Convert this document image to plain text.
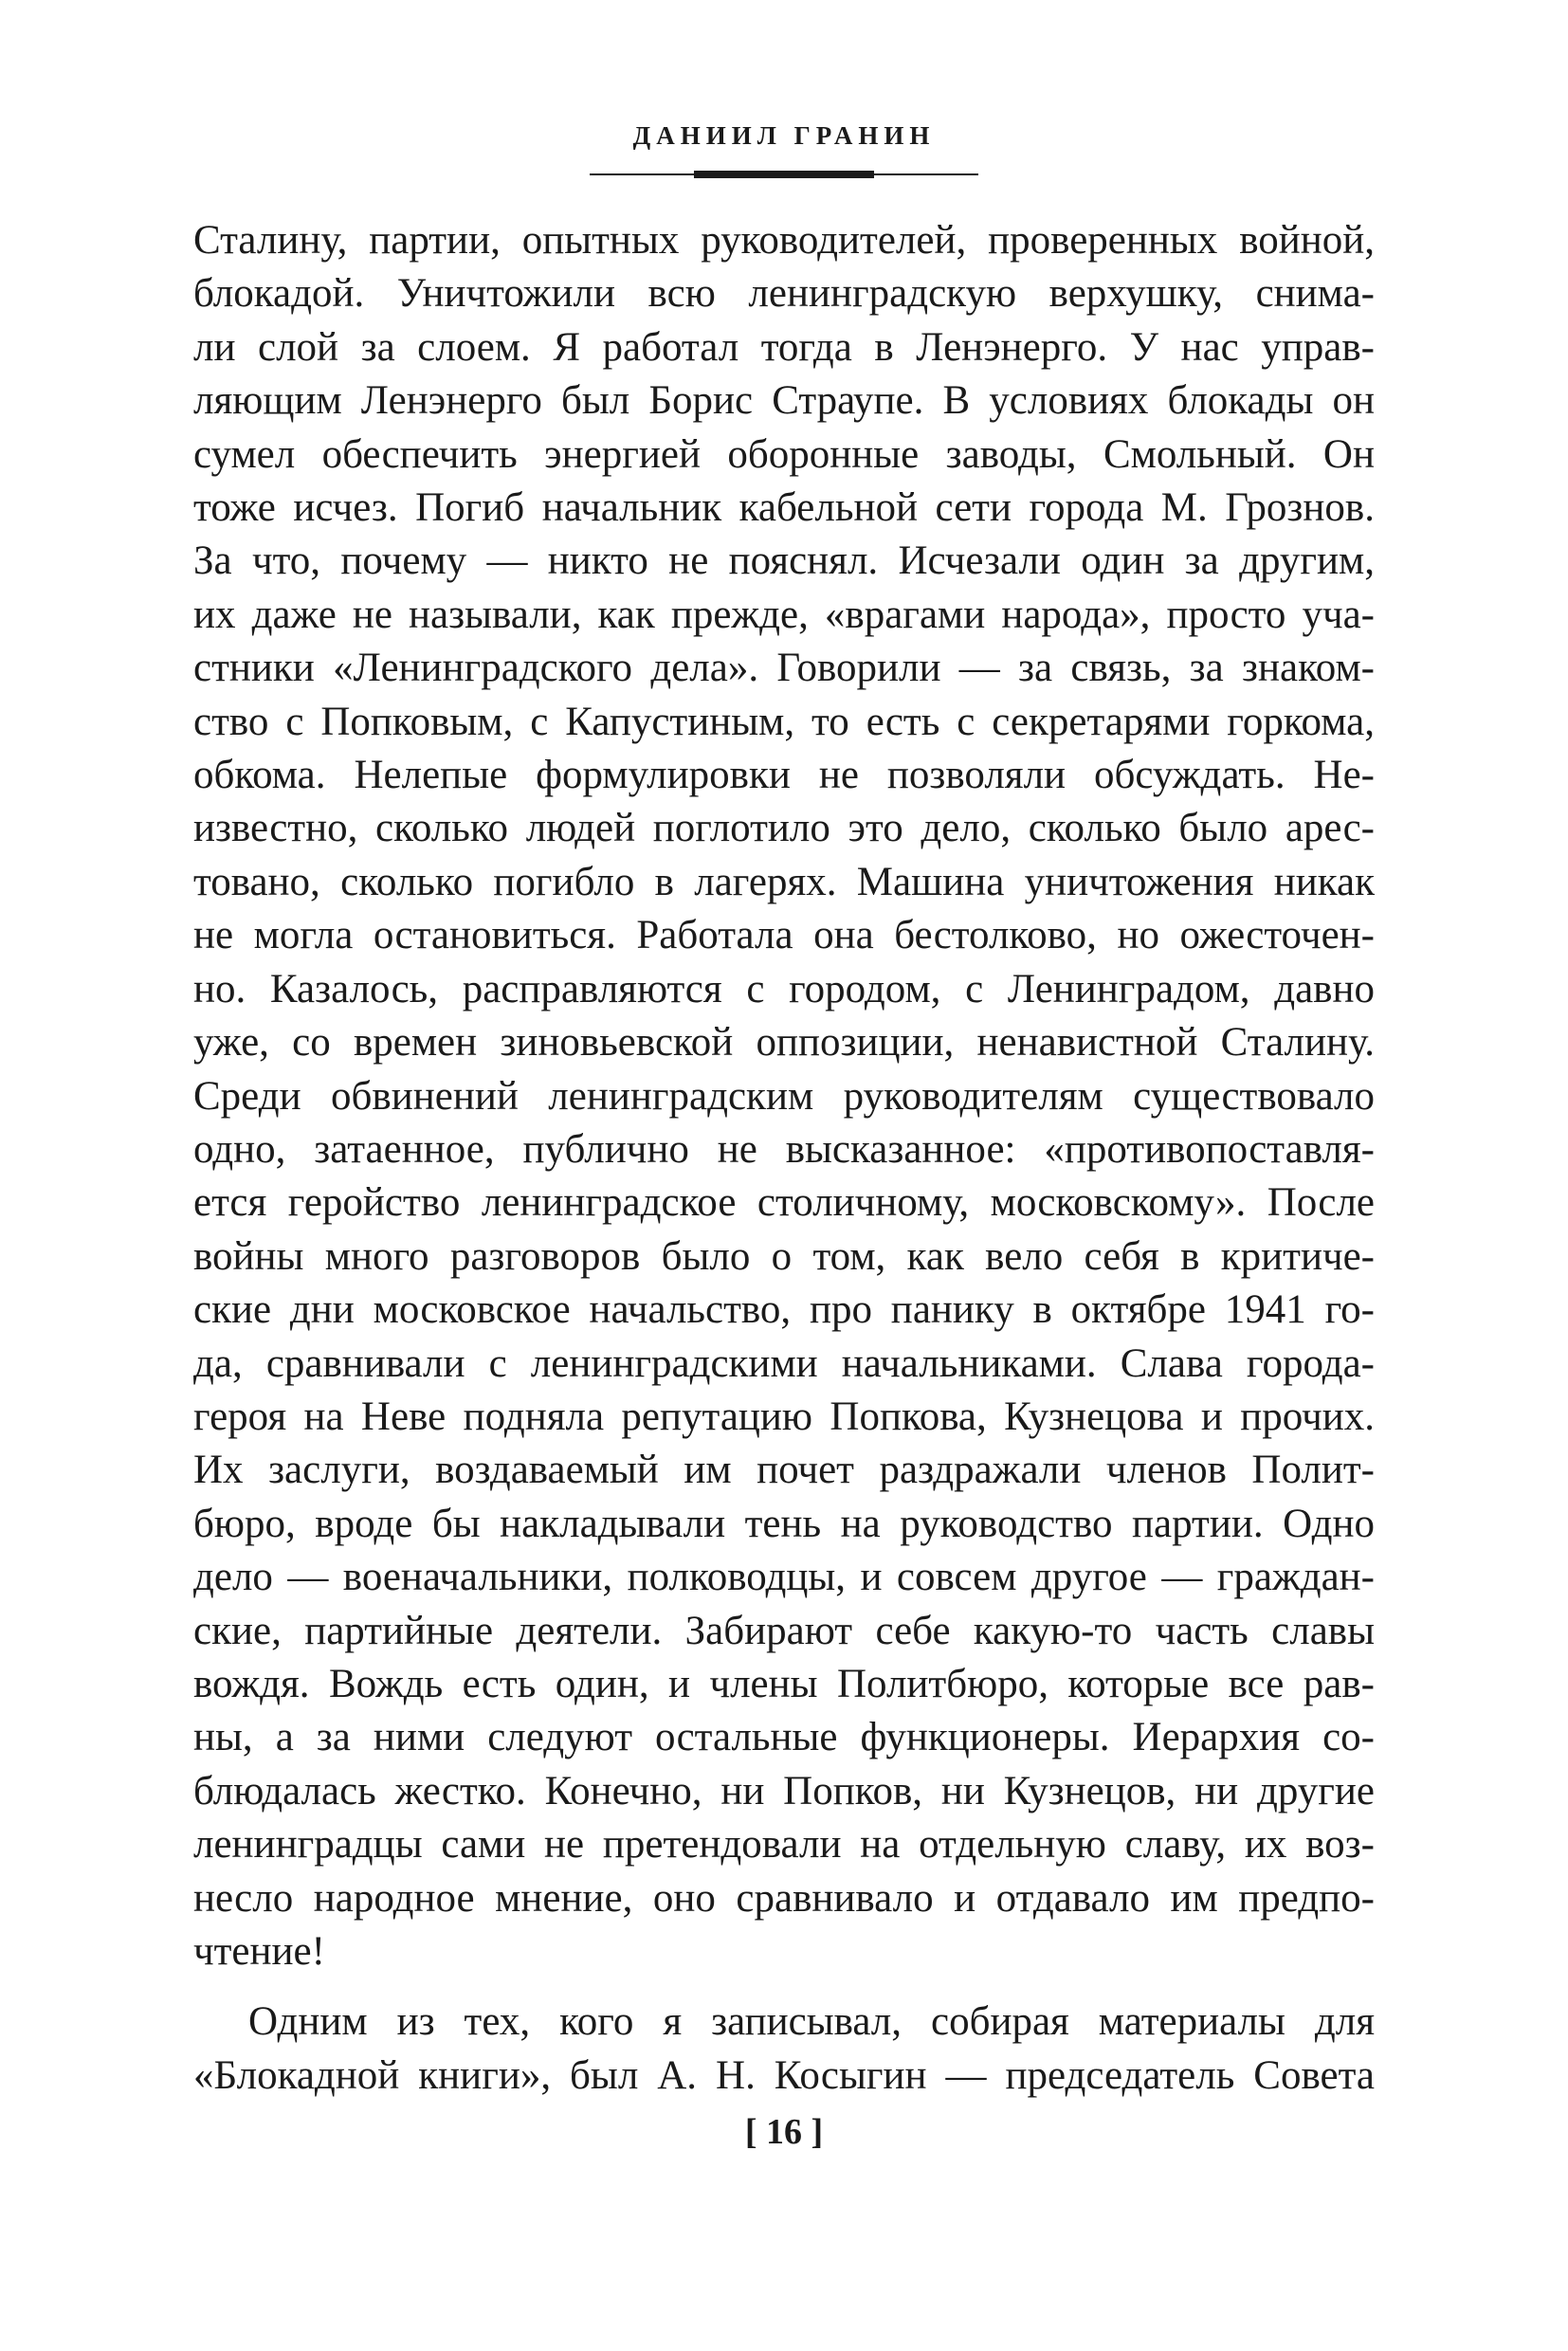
ДАНИИЛ ГРАНИН
Сталину, партии, опытных руководителей, проверенных войной,
блокадой. Уничтожили всю ленинградскую верхушку, снима-
ли слой за слоем. Я работал тогда в Ленэнерго. У нас управ-
ляющим Ленэнерго был Борис Страупе. В условиях блокады он
сумел обеспечить энергией оборонные заводы, Смольный. Он
тоже исчез. Погиб начальник кабельной сети города М. Грознов.
За что, почему — никто не пояснял. Исчезали один за другим,
их даже не называли, как прежде, «врагами народа», просто уча-
стники «Ленинградского дела». Говорили — за связь, за знаком-
ство с Попковым, с Капустиным, то есть с секретарями горкома,
обкома. Нелепые формулировки не позволяли обсуждать. Не-
известно, сколько людей поглотило это дело, сколько было арес-
товано, сколько погибло в лагерях. Машина уничтожения никак
не могла остановиться. Работала она бестолково, но ожесточен-
но. Казалось, расправляются с городом, с Ленинградом, давно
уже, со времен зиновьевской оппозиции, ненавистной Сталину.
Среди обвинений ленинградским руководителям существовало
одно, затаенное, публично не высказанное: «противопоставля-
ется геройство ленинградское столичному, московскому». После
войны много разговоров было о том, как вело себя в критиче-
ские дни московское начальство, про панику в октябре 1941 го-
да, сравнивали с ленинградскими начальниками. Слава города-
героя на Неве подняла репутацию Попкова, Кузнецова и прочих.
Их заслуги, воздаваемый им почет раздражали членов Полит-
бюро, вроде бы накладывали тень на руководство партии. Одно
дело — военачальники, полководцы, и совсем другое — граждан-
ские, партийные деятели. Забирают себе какую-то часть славы
вождя. Вождь есть один, и члены Политбюро, которые все рав-
ны, а за ними следуют остальные функционеры. Иерархия со-
блюдалась жестко. Конечно, ни Попков, ни Кузнецов, ни другие
ленинградцы сами не претендовали на отдельную славу, их воз-
несло народное мнение, оно сравнивало и отдавало им предпо-
чтение!
Одним из тех, кого я записывал, собирая материалы для
«Блокадной книги», был А. Н. Косыгин — председатель Совета
[ 16 ]
